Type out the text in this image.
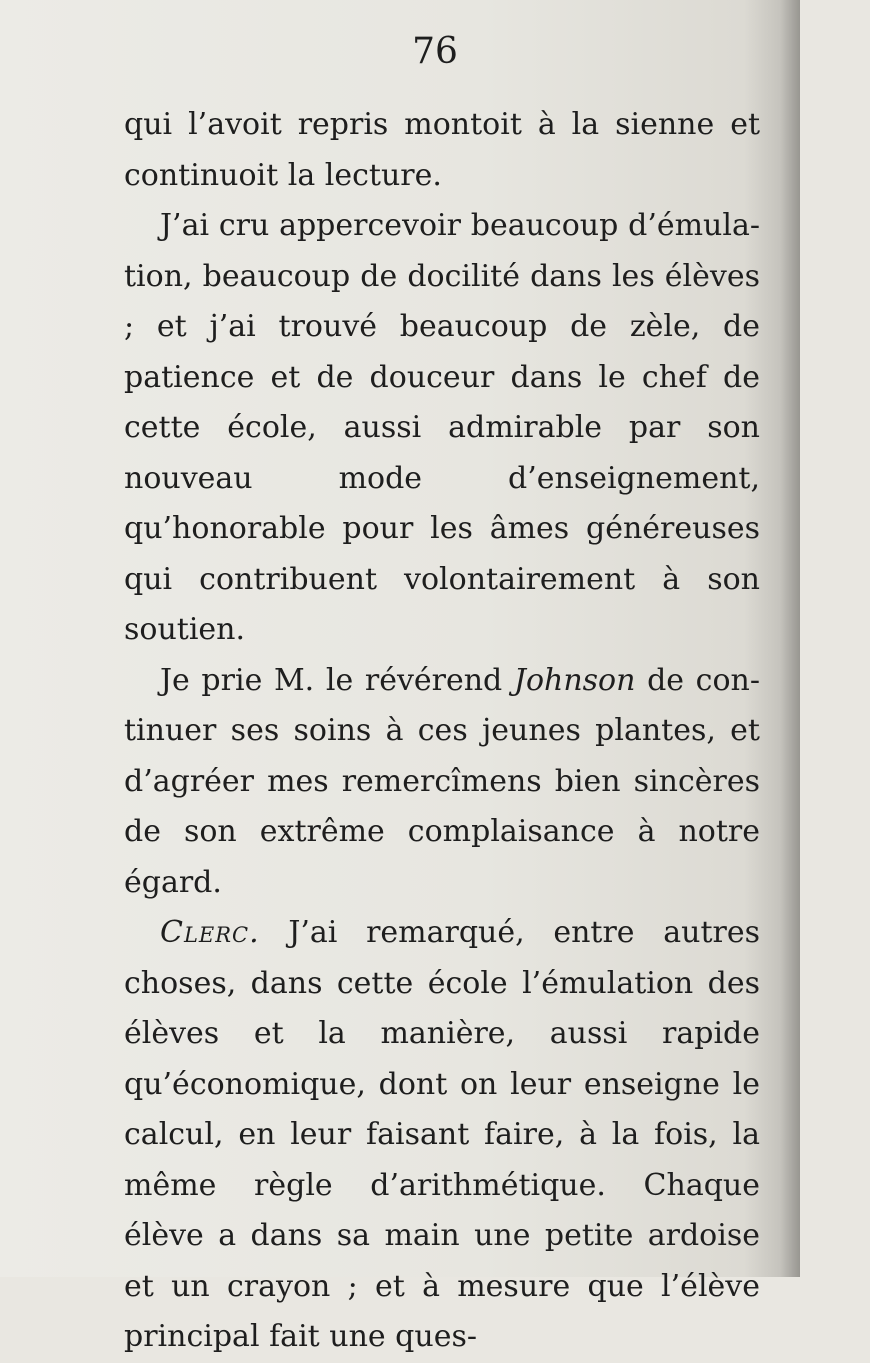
76

qui l’avoit repris montoit à la sienne et continuoit la lecture.

J’ai cru appercevoir beaucoup d’émulation, beaucoup de docilité dans les élèves ; et j’ai trouvé beaucoup de zèle, de patience et de douceur dans le chef de cette école, aussi admirable par son nouveau mode d’enseignement, qu’honorable pour les âmes généreuses qui contribuent volontairement à son soutien.

Je prie M. le révérend Johnson de continuer ses soins à ces jeunes plantes, et d’agréer mes remercîmens bien sincères de son extrême complaisance à notre égard.

Clerc. J’ai remarqué, entre autres choses, dans cette école l’émulation des élèves et la manière, aussi rapide qu’économique, dont on leur enseigne le calcul, en leur faisant faire, à la fois, la même règle d’arithmétique. Chaque élève a dans sa main une petite ardoise et un crayon ; et à mesure que l’élève principal fait une ques-
